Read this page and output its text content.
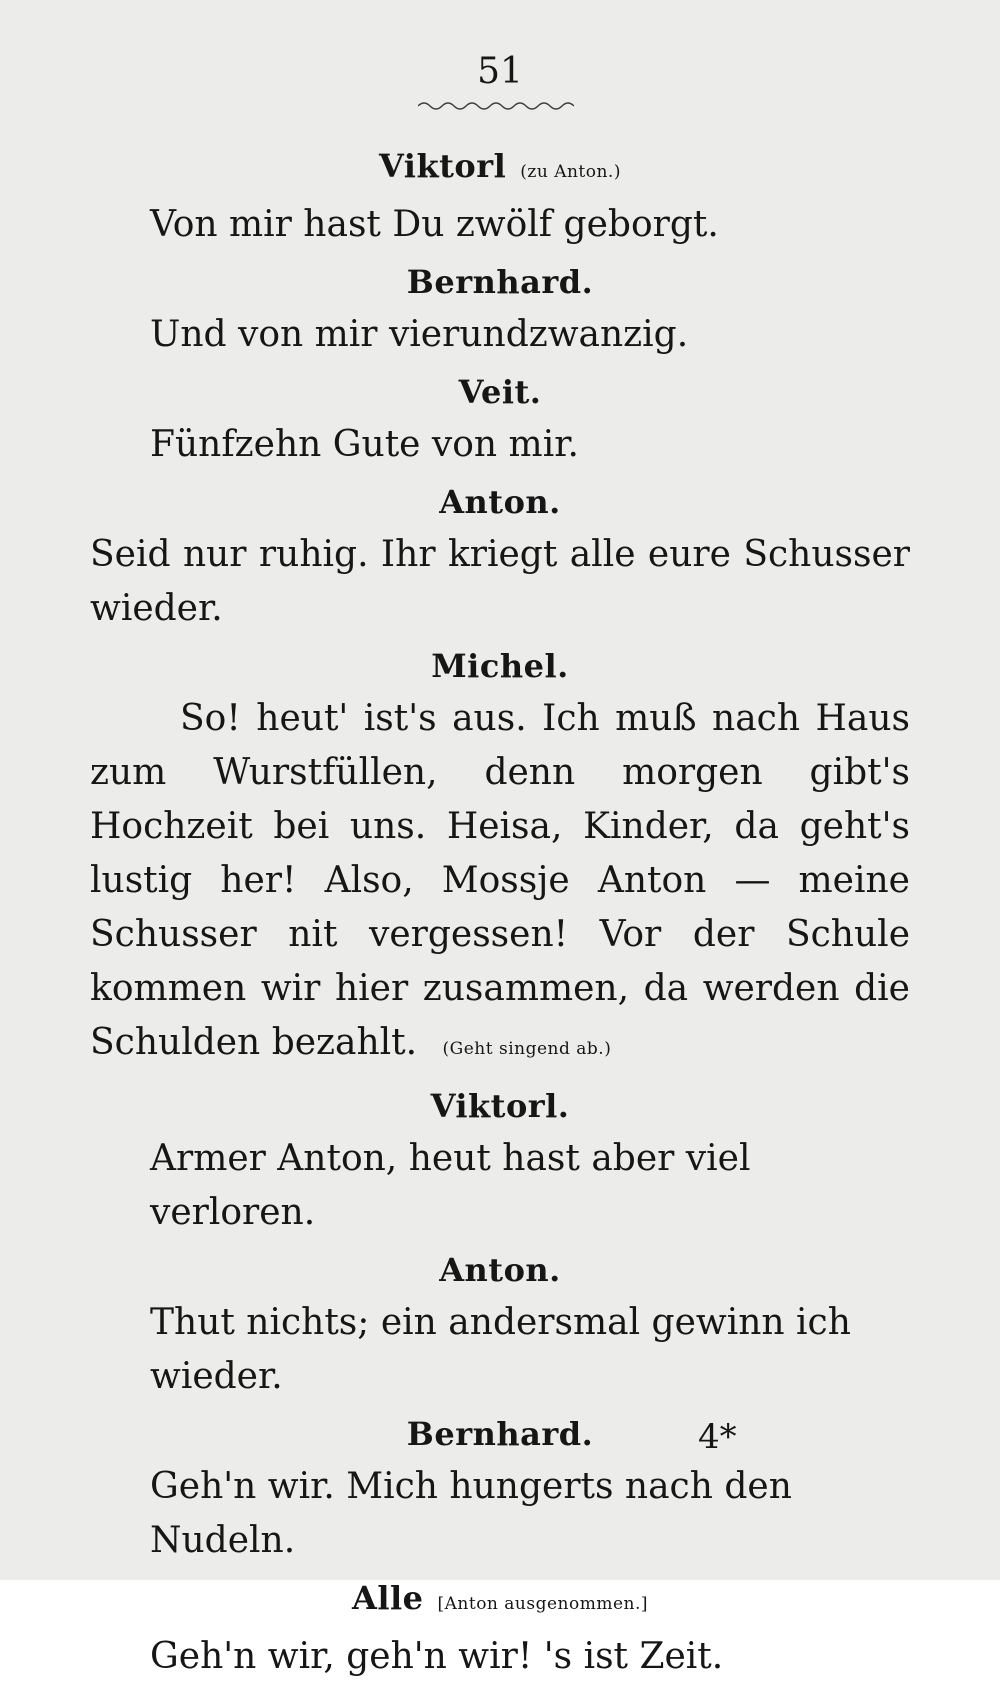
51
Viktorl (zu Anton.)

Von mir hast Du zwölf geborgt.

Bernhard.

Und von mir vierundzwanzig.

Veit.

Fünfzehn Gute von mir.

Anton.

Seid nur ruhig. Ihr kriegt alle eure Schusser wieder.

Michel.

So! heut' ist's aus. Ich muß nach Haus zum Wurstfüllen, denn morgen gibt's Hochzeit bei uns. Heisa, Kinder, da geht's lustig her! Also, Mossje Anton — meine Schusser nit vergessen! Vor der Schule kommen wir hier zusammen, da werden die Schulden bezahlt. (Geht singend ab.)

Viktorl.

Armer Anton, heut hast aber viel verloren.

Anton.

Thut nichts; ein andersmal gewinn ich wieder.

Bernhard.

Geh'n wir. Mich hungerts nach den Nudeln.

Alle [Anton ausgenommen.]

Geh'n wir, geh'n wir! 's ist Zeit.

4*
